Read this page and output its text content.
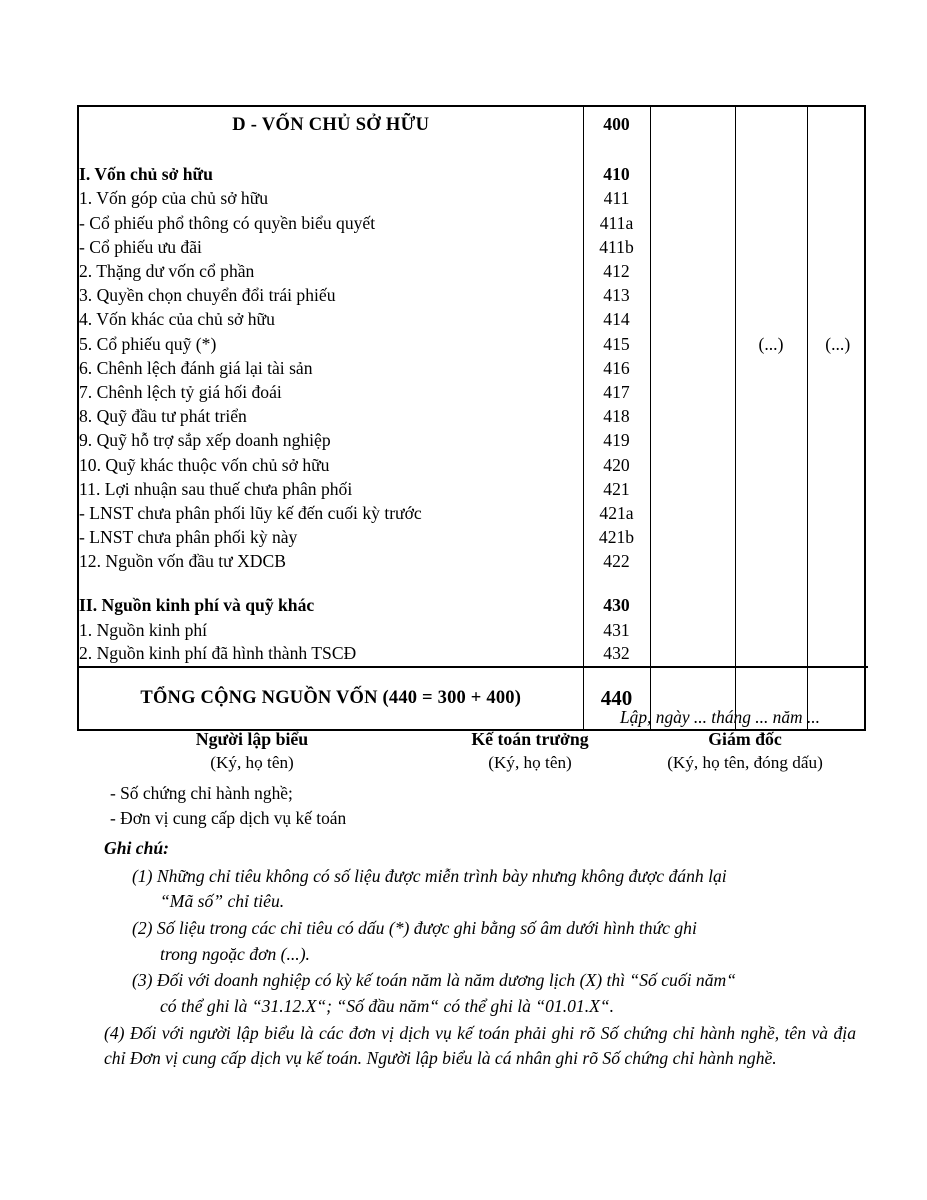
D - VỐN CHỦ SỞ HỮU	400			

I. Vốn chủ sở hữu	410			
1. Vốn góp của chủ sở hữu	411			
- Cổ phiếu phổ thông có quyền biểu quyết	411a			
- Cổ phiếu ưu đãi	411b			
2. Thặng dư vốn cổ phần	412			
3. Quyền chọn chuyển đổi trái phiếu	413			
4. Vốn khác của chủ sở hữu	414			
5. Cổ phiếu quỹ (*)	415		(...)	(...)
6. Chênh lệch đánh giá lại tài sản	416			
7. Chênh lệch tỷ giá hối đoái	417			
8. Quỹ đầu tư phát triển	418			
9. Quỹ hỗ trợ sắp xếp doanh nghiệp	419			
10. Quỹ khác thuộc vốn chủ sở hữu	420			
11. Lợi nhuận sau thuế chưa phân phối	421			
- LNST chưa phân phối lũy kế đến cuối kỳ trước	421a			
- LNST chưa phân phối kỳ này	421b			
12. Nguồn vốn đầu tư XDCB	422			

II. Nguồn kinh phí và quỹ khác	430			
1. Nguồn kinh phí	431			
2. Nguồn kinh phí đã hình thành TSCĐ	432			
TỔNG CỘNG NGUỒN VỐN (440 = 300 + 400)	440			
Lập, ngày ... tháng ... năm ...
Người lập biểu
(Ký, họ tên)
Kế toán trưởng
(Ký, họ tên)
Giám đốc
(Ký, họ tên, đóng dấu)
- Số chứng chỉ hành nghề;
- Đơn vị cung cấp dịch vụ kế toán
Ghi chú:
(1) Những chỉ tiêu không có số liệu được miễn trình bày nhưng không được đánh lại
“Mã số” chỉ tiêu.
(2) Số liệu trong các chỉ tiêu có dấu (*) được ghi bằng số âm dưới hình thức ghi
trong ngoặc đơn (...).
(3) Đối với doanh nghiệp có kỳ kế toán năm là năm dương lịch (X) thì “Số cuối năm“
có thể ghi là “31.12.X“; “Số đầu năm“ có thể ghi là “01.01.X“.
(4) Đối với người lập biểu là các đơn vị dịch vụ kế toán phải ghi rõ Số chứng chỉ hành nghề, tên và địa chỉ Đơn vị cung cấp dịch vụ kế toán. Người lập biểu là cá nhân ghi rõ Số chứng chỉ hành nghề.
